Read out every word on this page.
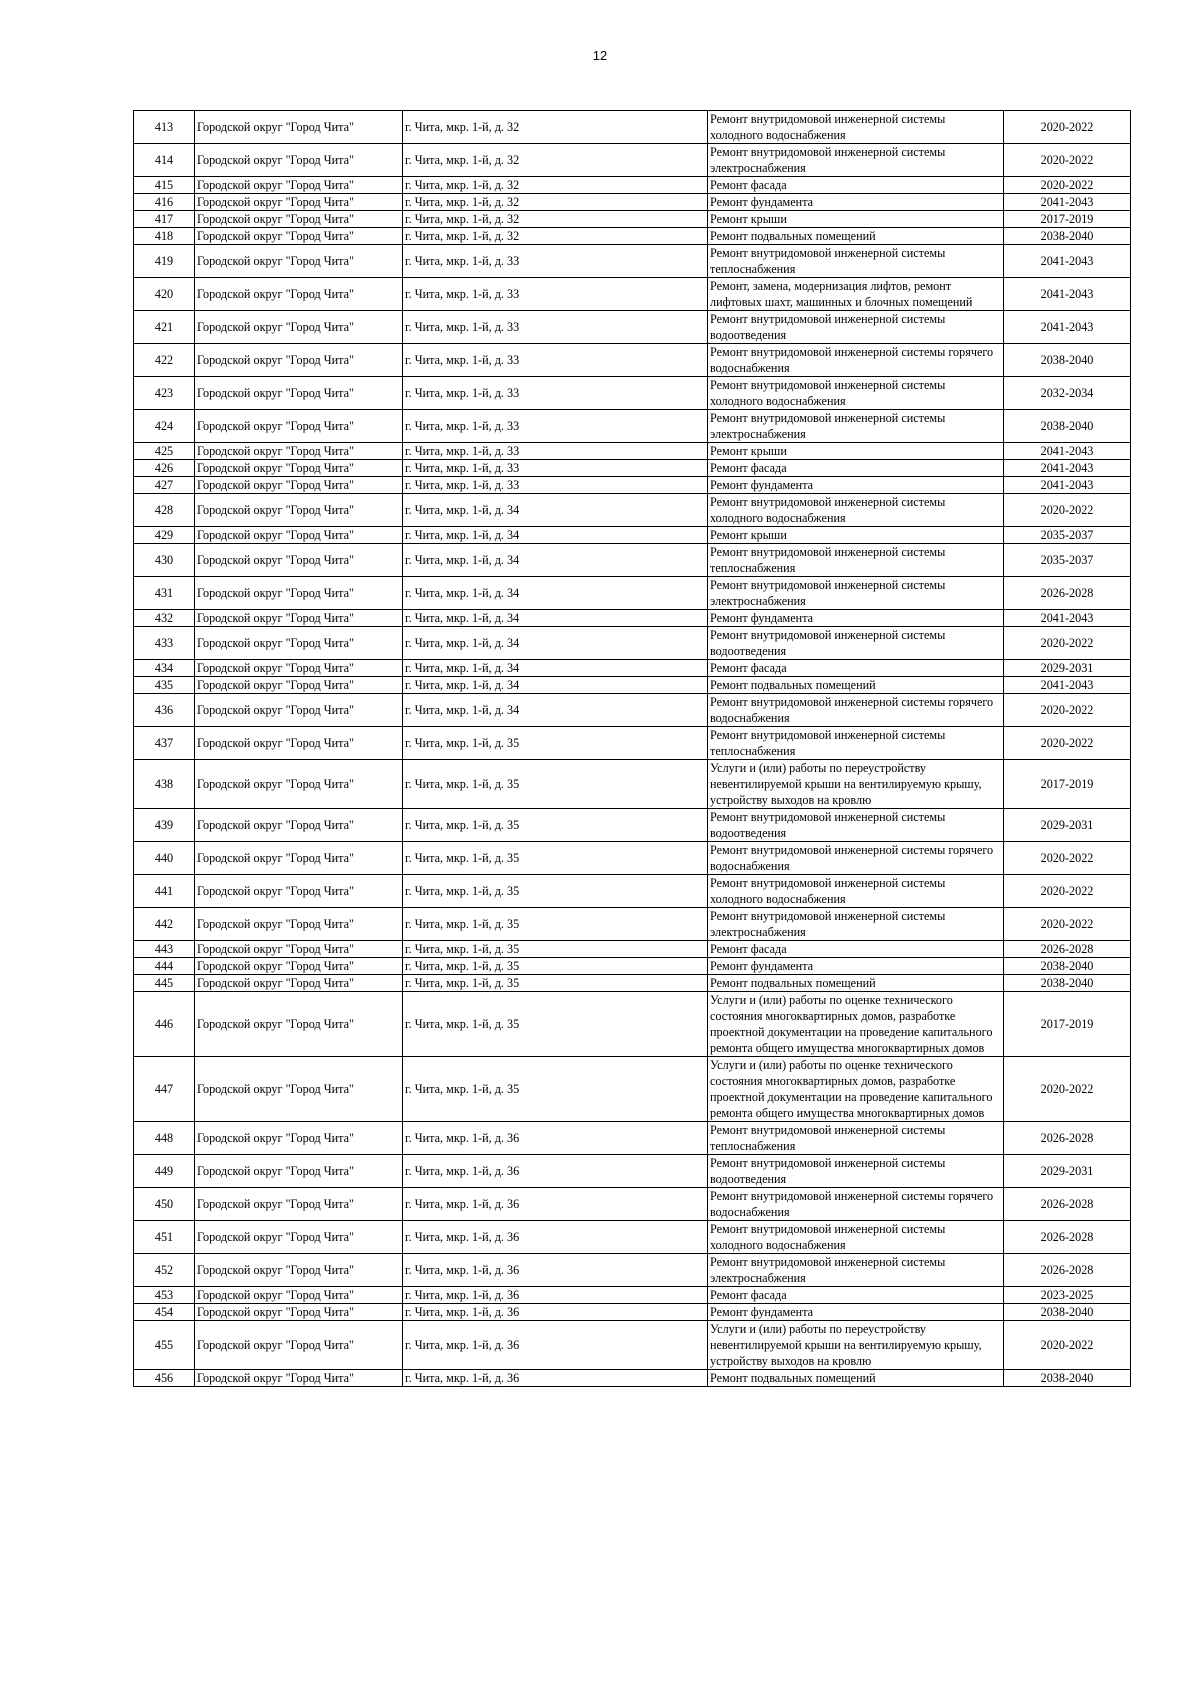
12
413	Городской округ "Город Чита"	г. Чита, мкр. 1-й, д. 32	Ремонт внутридомовой инженерной системы холодного водоснабжения	2020-2022
414	Городской округ "Город Чита"	г. Чита, мкр. 1-й, д. 32	Ремонт внутридомовой инженерной системы электроснабжения	2020-2022
415	Городской округ "Город Чита"	г. Чита, мкр. 1-й, д. 32	Ремонт фасада	2020-2022
416	Городской округ "Город Чита"	г. Чита, мкр. 1-й, д. 32	Ремонт фундамента	2041-2043
417	Городской округ "Город Чита"	г. Чита, мкр. 1-й, д. 32	Ремонт крыши	2017-2019
418	Городской округ "Город Чита"	г. Чита, мкр. 1-й, д. 32	Ремонт подвальных помещений	2038-2040
419	Городской округ "Город Чита"	г. Чита, мкр. 1-й, д. 33	Ремонт внутридомовой инженерной системы теплоснабжения	2041-2043
420	Городской округ "Город Чита"	г. Чита, мкр. 1-й, д. 33	Ремонт, замена, модернизация лифтов, ремонт лифтовых шахт, машинных и блочных помещений	2041-2043
421	Городской округ "Город Чита"	г. Чита, мкр. 1-й, д. 33	Ремонт внутридомовой инженерной системы водоотведения	2041-2043
422	Городской округ "Город Чита"	г. Чита, мкр. 1-й, д. 33	Ремонт внутридомовой инженерной системы горячего водоснабжения	2038-2040
423	Городской округ "Город Чита"	г. Чита, мкр. 1-й, д. 33	Ремонт внутридомовой инженерной системы холодного водоснабжения	2032-2034
424	Городской округ "Город Чита"	г. Чита, мкр. 1-й, д. 33	Ремонт внутридомовой инженерной системы электроснабжения	2038-2040
425	Городской округ "Город Чита"	г. Чита, мкр. 1-й, д. 33	Ремонт крыши	2041-2043
426	Городской округ "Город Чита"	г. Чита, мкр. 1-й, д. 33	Ремонт фасада	2041-2043
427	Городской округ "Город Чита"	г. Чита, мкр. 1-й, д. 33	Ремонт фундамента	2041-2043
428	Городской округ "Город Чита"	г. Чита, мкр. 1-й, д. 34	Ремонт внутридомовой инженерной системы холодного водоснабжения	2020-2022
429	Городской округ "Город Чита"	г. Чита, мкр. 1-й, д. 34	Ремонт крыши	2035-2037
430	Городской округ "Город Чита"	г. Чита, мкр. 1-й, д. 34	Ремонт внутридомовой инженерной системы теплоснабжения	2035-2037
431	Городской округ "Город Чита"	г. Чита, мкр. 1-й, д. 34	Ремонт внутридомовой инженерной системы электроснабжения	2026-2028
432	Городской округ "Город Чита"	г. Чита, мкр. 1-й, д. 34	Ремонт фундамента	2041-2043
433	Городской округ "Город Чита"	г. Чита, мкр. 1-й, д. 34	Ремонт внутридомовой инженерной системы водоотведения	2020-2022
434	Городской округ "Город Чита"	г. Чита, мкр. 1-й, д. 34	Ремонт фасада	2029-2031
435	Городской округ "Город Чита"	г. Чита, мкр. 1-й, д. 34	Ремонт подвальных помещений	2041-2043
436	Городской округ "Город Чита"	г. Чита, мкр. 1-й, д. 34	Ремонт внутридомовой инженерной системы горячего водоснабжения	2020-2022
437	Городской округ "Город Чита"	г. Чита, мкр. 1-й, д. 35	Ремонт внутридомовой инженерной системы теплоснабжения	2020-2022
438	Городской округ "Город Чита"	г. Чита, мкр. 1-й, д. 35	Услуги и (или) работы по переустройству невентилируемой крыши на вентилируемую крышу, устройству выходов на кровлю	2017-2019
439	Городской округ "Город Чита"	г. Чита, мкр. 1-й, д. 35	Ремонт внутридомовой инженерной системы водоотведения	2029-2031
440	Городской округ "Город Чита"	г. Чита, мкр. 1-й, д. 35	Ремонт внутридомовой инженерной системы горячего водоснабжения	2020-2022
441	Городской округ "Город Чита"	г. Чита, мкр. 1-й, д. 35	Ремонт внутридомовой инженерной системы холодного водоснабжения	2020-2022
442	Городской округ "Город Чита"	г. Чита, мкр. 1-й, д. 35	Ремонт внутридомовой инженерной системы электроснабжения	2020-2022
443	Городской округ "Город Чита"	г. Чита, мкр. 1-й, д. 35	Ремонт фасада	2026-2028
444	Городской округ "Город Чита"	г. Чита, мкр. 1-й, д. 35	Ремонт фундамента	2038-2040
445	Городской округ "Город Чита"	г. Чита, мкр. 1-й, д. 35	Ремонт подвальных помещений	2038-2040
446	Городской округ "Город Чита"	г. Чита, мкр. 1-й, д. 35	Услуги и (или) работы по оценке технического состояния многоквартирных домов, разработке проектной документации на проведение капитального ремонта общего имущества многоквартирных домов	2017-2019
447	Городской округ "Город Чита"	г. Чита, мкр. 1-й, д. 35	Услуги и (или) работы по оценке технического состояния многоквартирных домов, разработке проектной документации на проведение капитального ремонта общего имущества многоквартирных домов	2020-2022
448	Городской округ "Город Чита"	г. Чита, мкр. 1-й, д. 36	Ремонт внутридомовой инженерной системы теплоснабжения	2026-2028
449	Городской округ "Город Чита"	г. Чита, мкр. 1-й, д. 36	Ремонт внутридомовой инженерной системы водоотведения	2029-2031
450	Городской округ "Город Чита"	г. Чита, мкр. 1-й, д. 36	Ремонт внутридомовой инженерной системы горячего водоснабжения	2026-2028
451	Городской округ "Город Чита"	г. Чита, мкр. 1-й, д. 36	Ремонт внутридомовой инженерной системы холодного водоснабжения	2026-2028
452	Городской округ "Город Чита"	г. Чита, мкр. 1-й, д. 36	Ремонт внутридомовой инженерной системы электроснабжения	2026-2028
453	Городской округ "Город Чита"	г. Чита, мкр. 1-й, д. 36	Ремонт фасада	2023-2025
454	Городской округ "Город Чита"	г. Чита, мкр. 1-й, д. 36	Ремонт фундамента	2038-2040
455	Городской округ "Город Чита"	г. Чита, мкр. 1-й, д. 36	Услуги и (или) работы по переустройству невентилируемой крыши на вентилируемую крышу, устройству выходов на кровлю	2020-2022
456	Городской округ "Город Чита"	г. Чита, мкр. 1-й, д. 36	Ремонт подвальных помещений	2038-2040
